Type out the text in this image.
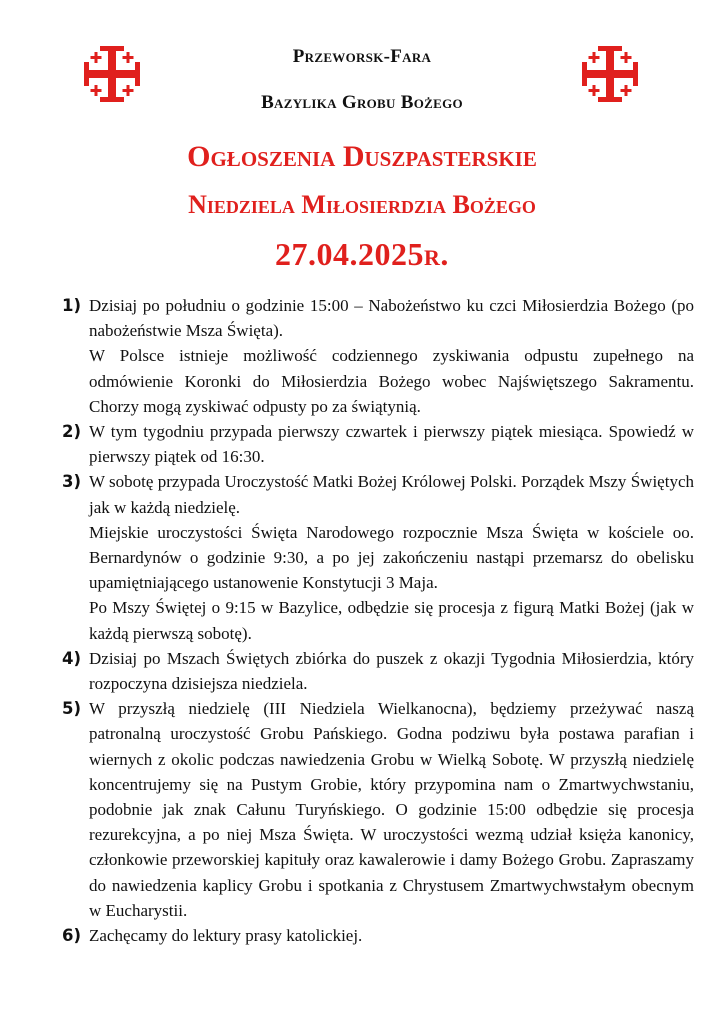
Przeworsk-Fara
Bazylika Grobu Bożego
Ogłoszenia Duszpasterskie
Niedziela Miłosierdzia Bożego
27.04.2025r.
1) Dzisiaj po południu o godzinie 15:00 – Nabożeństwo ku czci Miłosierdzia Bożego (po nabożeństwie Msza Święta).

W Polsce istnieje możliwość codziennego zyskiwania odpustu zupełnego na odmówienie Koronki do Miłosierdzia Bożego wobec Najświętszego Sakramentu. Chorzy mogą zyskiwać odpusty po za świątynią.

2) W tym tygodniu przypada pierwszy czwartek i pierwszy piątek miesiąca. Spowiedź w pierwszy piątek od 16:30.

3) W sobotę przypada Uroczystość Matki Bożej Królowej Polski. Porządek Mszy Świętych jak w każdą niedzielę.

Miejskie uroczystości Święta Narodowego rozpocznie Msza Święta w kościele oo. Bernardynów o godzinie 9:30, a po jej zakończeniu nastąpi przemarsz do obelisku upamiętniającego ustanowenie Konstytucji 3 Maja.

Po Mszy Świętej o 9:15 w Bazylice, odbędzie się procesja z figurą Matki Bożej (jak w każdą pierwszą sobotę).

4) Dzisiaj po Mszach Świętych zbiórka do puszek z okazji Tygodnia Miłosierdzia, który rozpoczyna dzisiejsza niedziela.

5) W przyszłą niedzielę (III Niedziela Wielkanocna), będziemy przeżywać naszą patronalną uroczystość Grobu Pańskiego. Godna podziwu była postawa parafian i wiernych z okolic podczas nawiedzenia Grobu w Wielką Sobotę. W przyszłą niedzielę koncentrujemy się na Pustym Grobie, który przypomina nam o Zmartwychwstaniu, podobnie jak znak Całunu Turyńskiego. O godzinie 15:00 odbędzie się procesja rezurekcyjna, a po niej Msza Święta. W uroczystości wezmą udział księża kanonicy, członkowie przeworskiej kapituły oraz kawalerowie i damy Bożego Grobu. Zapraszamy do nawiedzenia kaplicy Grobu i spotkania z Chrystusem Zmartwychwstałym obecnym w Eucharystii.

6) Zachęcamy do lektury prasy katolickiej.
